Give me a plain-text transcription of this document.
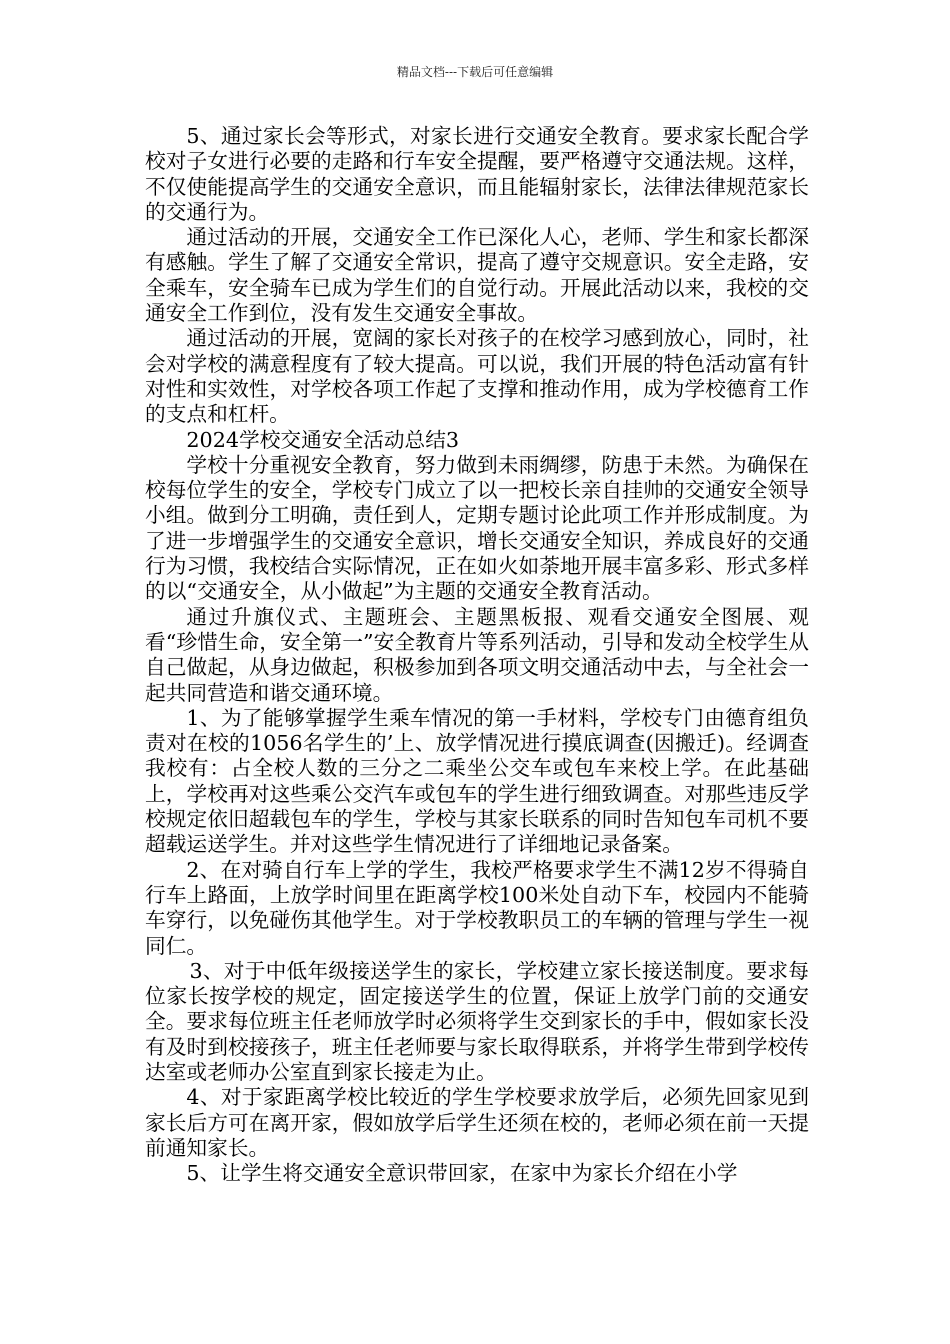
精品文档---下载后可任意编辑

5、通过家长会等形式，对家长进行交通安全教育。要求家长配合学校对子女进行必要的走路和行车安全提醒，要严格遵守交通法规。这样，不仅使能提高学生的交通安全意识，而且能辐射家长，法律法律规范家长的交通行为。

通过活动的开展，交通安全工作已深化人心，老师、学生和家长都深有感触。学生了解了交通安全常识，提高了遵守交规意识。安全走路，安全乘车，安全骑车已成为学生们的自觉行动。开展此活动以来，我校的交通安全工作到位，没有发生交通安全事故。

通过活动的开展，宽阔的家长对孩子的在校学习感到放心，同时，社会对学校的满意程度有了较大提高。可以说，我们开展的特色活动富有针对性和实效性，对学校各项工作起了支撑和推动作用，成为学校德育工作的支点和杠杆。

2024学校交通安全活动总结3

学校十分重视安全教育，努力做到未雨绸缪，防患于未然。为确保在校每位学生的安全，学校专门成立了以一把校长亲自挂帅的交通安全领导小组。做到分工明确，责任到人，定期专题讨论此项工作并形成制度。为了进一步增强学生的交通安全意识，增长交通安全知识，养成良好的交通行为习惯，我校结合实际情况，正在如火如荼地开展丰富多彩、形式多样的以“交通安全，从小做起”为主题的交通安全教育活动。

通过升旗仪式、主题班会、主题黑板报、观看交通安全图展、观看“珍惜生命，安全第一”安全教育片等系列活动，引导和发动全校学生从自己做起，从身边做起，积极参加到各项文明交通活动中去，与全社会一起共同营造和谐交通环境。

1、为了能够掌握学生乘车情况的第一手材料，学校专门由德育组负责对在校的1056名学生的’上、放学情况进行摸底调查(因搬迁)。经调查我校有：占全校人数的三分之二乘坐公交车或包车来校上学。在此基础上，学校再对这些乘公交汽车或包车的学生进行细致调查。对那些违反学校规定依旧超载包车的学生，学校与其家长联系的同时告知包车司机不要超载运送学生。并对这些学生情况进行了详细地记录备案。

2、在对骑自行车上学的学生，我校严格要求学生不满12岁不得骑自行车上路面，上放学时间里在距离学校100米处自动下车，校园内不能骑车穿行，以免碰伤其他学生。对于学校教职员工的车辆的管理与学生一视同仁。

3、对于中低年级接送学生的家长，学校建立家长接送制度。要求每位家长按学校的规定，固定接送学生的位置，保证上放学门前的交通安全。要求每位班主任老师放学时必须将学生交到家长的手中，假如家长没有及时到校接孩子，班主任老师要与家长取得联系，并将学生带到学校传达室或老师办公室直到家长接走为止。

4、对于家距离学校比较近的学生学校要求放学后，必须先回家见到家长后方可在离开家，假如放学后学生还须在校的，老师必须在前一天提前通知家长。

5、让学生将交通安全意识带回家，在家中为家长介绍在小学
